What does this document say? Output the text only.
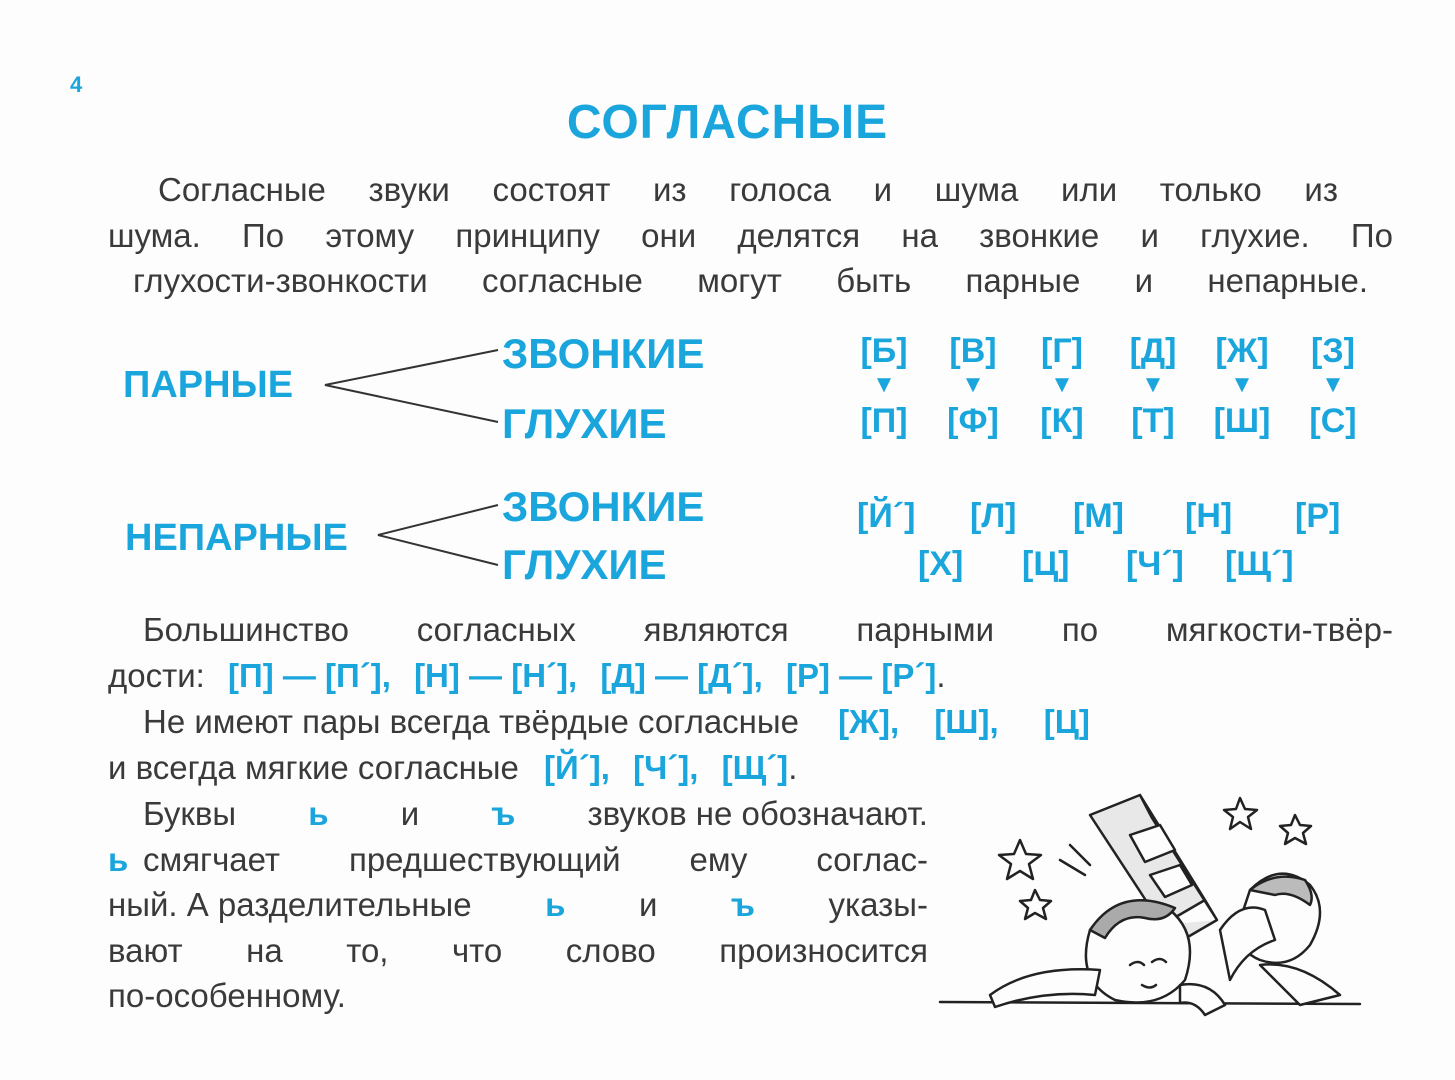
4
СОГЛАСНЫЕ
Согласные звуки состоят из голоса и шума или только из
шума. По этому принципу они делятся на звонкие и глухие. По
глухости-звонкости согласные могут быть парные и непарные.
ПАРНЫЕ
ЗВОНКИЕ
ГЛУХИЕ
[Б]	[В]	[Г]	[Д]	[Ж]	[З]
▼	▼	▼	▼	▼	▼
[П]	[Ф]	[К]	[Т]	[Ш]	[С]
НЕПАРНЫЕ
ЗВОНКИЕ
ГЛУХИЕ
[Й´] [Л] [М] [Н] [Р]
[Х] [Ц] [Ч´] [Щ´]
Большинство согласных являются парными по мягкости-твёр-
дости: [П] — [П´], [Н] — [Н´], [Д] — [Д´], [Р] — [Р´].
Не имеют пары всегда твёрдые согласные [Ж], [Ш], [Ц]
и всегда мягкие согласные [Й´], [Ч´], [Щ´].
Буквы ь и ъ звуков не обозначают.
ь смягчает предшествующий ему соглас-
ный. А разделительные ь и ъ указы-
вают на то, что слово произносится
по-особенному.
